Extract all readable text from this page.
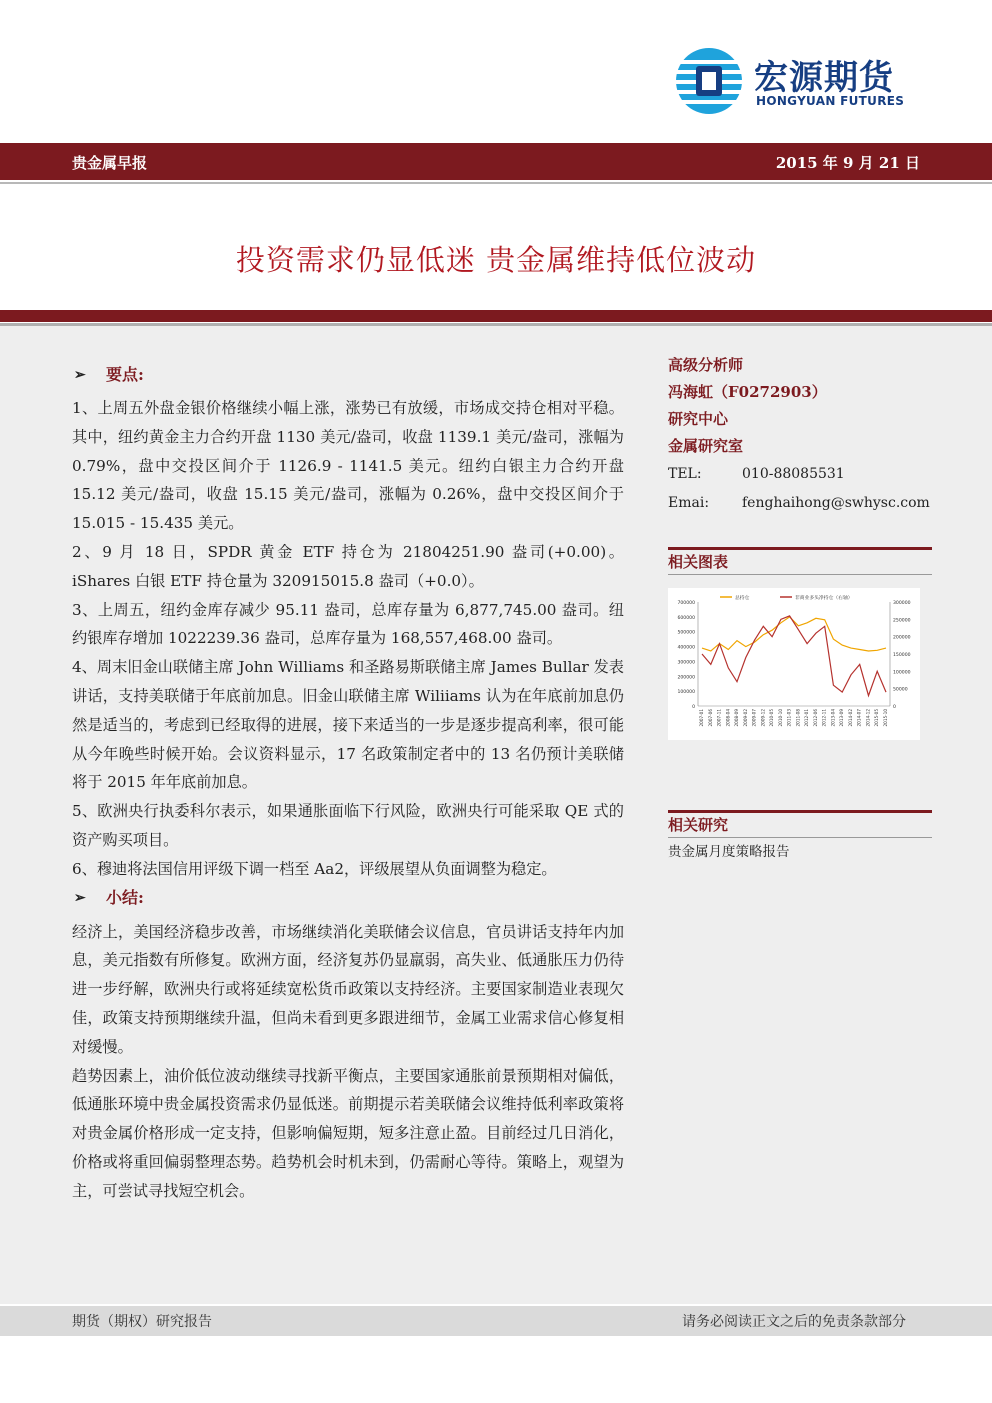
宏源期货
HONGYUAN FUTURES
贵金属早报	2015 年 9 月 21 日
投资需求仍显低迷 贵金属维持低位波动
➢	要点:

1、上周五外盘金银价格继续小幅上涨，涨势已有放缓，市场成交持仓相对平稳。其中，纽约黄金主力合约开盘 1130 美元/盎司，收盘 1139.1 美元/盎司，涨幅为 0.79%，盘中交投区间介于 1126.9 - 1141.5 美元。纽约白银主力合约开盘 15.12 美元/盎司，收盘 15.15 美元/盎司，涨幅为 0.26%，盘中交投区间介于 15.015 - 15.435 美元。

2、9 月 18 日，SPDR 黄金 ETF 持仓为 21804251.90 盎司(+0.00)。iShares 白银 ETF 持仓量为 320915015.8 盎司（+0.0）。

3、上周五，纽约金库存减少 95.11 盎司，总库存量为 6,877,745.00 盎司。纽约银库存增加 1022239.36 盎司，总库存量为 168,557,468.00 盎司。

4、周末旧金山联储主席 John Williams 和圣路易斯联储主席 James Bullar 发表讲话，支持美联储于年底前加息。旧金山联储主席 Wiliiams 认为在年底前加息仍然是适当的，考虑到已经取得的进展，接下来适当的一步是逐步提高利率，很可能从今年晚些时候开始。会议资料显示，17 名政策制定者中的 13 名仍预计美联储将于 2015 年年底前加息。

5、欧洲央行执委科尔表示，如果通胀面临下行风险，欧洲央行可能采取 QE 式的资产购买项目。

6、穆迪将法国信用评级下调一档至 Aa2，评级展望从负面调整为稳定。

➢	小结:

经济上，美国经济稳步改善，市场继续消化美联储会议信息，官员讲话支持年内加息，美元指数有所修复。欧洲方面，经济复苏仍显羸弱，高失业、低通胀压力仍待进一步纾解，欧洲央行或将延续宽松货币政策以支持经济。主要国家制造业表现欠佳，政策支持预期继续升温，但尚未看到更多跟进细节，金属工业需求信心修复相对缓慢。

趋势因素上，油价低位波动继续寻找新平衡点，主要国家通胀前景预期相对偏低，低通胀环境中贵金属投资需求仍显低迷。前期提示若美联储会议维持低利率政策将对贵金属价格形成一定支持，但影响偏短期，短多注意止盈。目前经过几日消化，价格或将重回偏弱整理态势。趋势机会时机未到，仍需耐心等待。策略上，观望为主，可尝试寻找短空机会。

高级分析师
冯海虹（F0272903）
研究中心
金属研究室
TEL:	010-88085531
Emai:	fenghaihong@swhysc.com
相关图表
0
100000
200000
300000
400000
500000
600000
700000
0
50000
100000
150000
200000
250000
300000
2007-01 2007-06 2007-11 2008-04 2008-09 2009-02 2009-07 2009-12 2010-05 2010-10 2011-03 2011-08 2012-01 2012-06 2012-11 2013-04 2013-09 2014-02 2014-07 2014-12 2015-05 2015-10
总持仓	非商业多头净持仓（右轴）
相关研究
贵金属月度策略报告
期货（期权）研究报告	请务必阅读正文之后的免责条款部分
